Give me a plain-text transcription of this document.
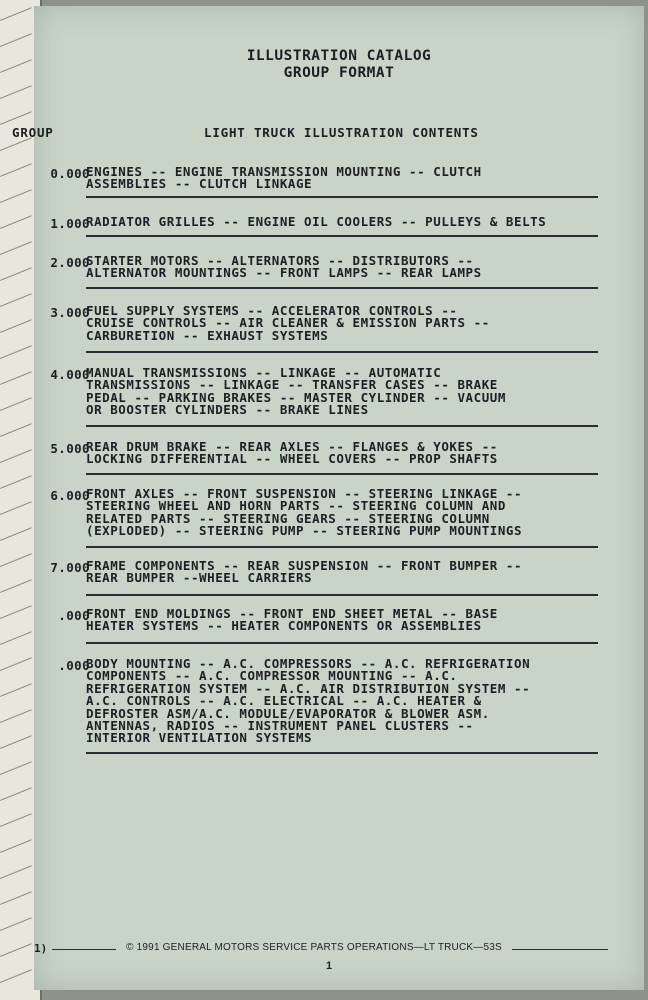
ILLUSTRATION CATALOG
GROUP FORMAT
GROUP	LIGHT TRUCK ILLUSTRATION CONTENTS
0.000
ENGINES -- ENGINE TRANSMISSION MOUNTING -- CLUTCH
ASSEMBLIES -- CLUTCH LINKAGE
1.000
RADIATOR GRILLES -- ENGINE OIL COOLERS -- PULLEYS & BELTS
2.000
STARTER MOTORS -- ALTERNATORS -- DISTRIBUTORS --
ALTERNATOR MOUNTINGS -- FRONT LAMPS -- REAR LAMPS
3.000
FUEL SUPPLY SYSTEMS -- ACCELERATOR CONTROLS --
CRUISE CONTROLS -- AIR CLEANER & EMISSION PARTS --
CARBURETION -- EXHAUST SYSTEMS
4.000
MANUAL TRANSMISSIONS -- LINKAGE -- AUTOMATIC
TRANSMISSIONS -- LINKAGE -- TRANSFER CASES -- BRAKE
PEDAL -- PARKING BRAKES -- MASTER CYLINDER -- VACUUM
OR BOOSTER CYLINDERS -- BRAKE LINES
5.000
REAR DRUM BRAKE -- REAR AXLES -- FLANGES & YOKES --
LOCKING DIFFERENTIAL -- WHEEL COVERS -- PROP SHAFTS
6.000
FRONT AXLES -- FRONT SUSPENSION -- STEERING LINKAGE --
STEERING WHEEL AND HORN PARTS -- STEERING COLUMN AND
RELATED PARTS -- STEERING GEARS -- STEERING COLUMN
(EXPLODED) -- STEERING PUMP -- STEERING PUMP MOUNTINGS
7.000
FRAME COMPONENTS -- REAR SUSPENSION -- FRONT BUMPER --
REAR BUMPER --WHEEL CARRIERS
.000
FRONT END MOLDINGS -- FRONT END SHEET METAL -- BASE
HEATER SYSTEMS -- HEATER COMPONENTS OR ASSEMBLIES
.000
BODY MOUNTING -- A.C. COMPRESSORS -- A.C. REFRIGERATION
COMPONENTS -- A.C. COMPRESSOR MOUNTING -- A.C.
REFRIGERATION SYSTEM -- A.C. AIR DISTRIBUTION SYSTEM --
A.C. CONTROLS -- A.C. ELECTRICAL -- A.C. HEATER &
DEFROSTER ASM/A.C. MODULE/EVAPORATOR & BLOWER ASM.
ANTENNAS, RADIOS -- INSTRUMENT PANEL CLUSTERS --
INTERIOR VENTILATION SYSTEMS
1)	© 1991 GENERAL MOTORS SERVICE PARTS OPERATIONS—LT TRUCK—53S
1
